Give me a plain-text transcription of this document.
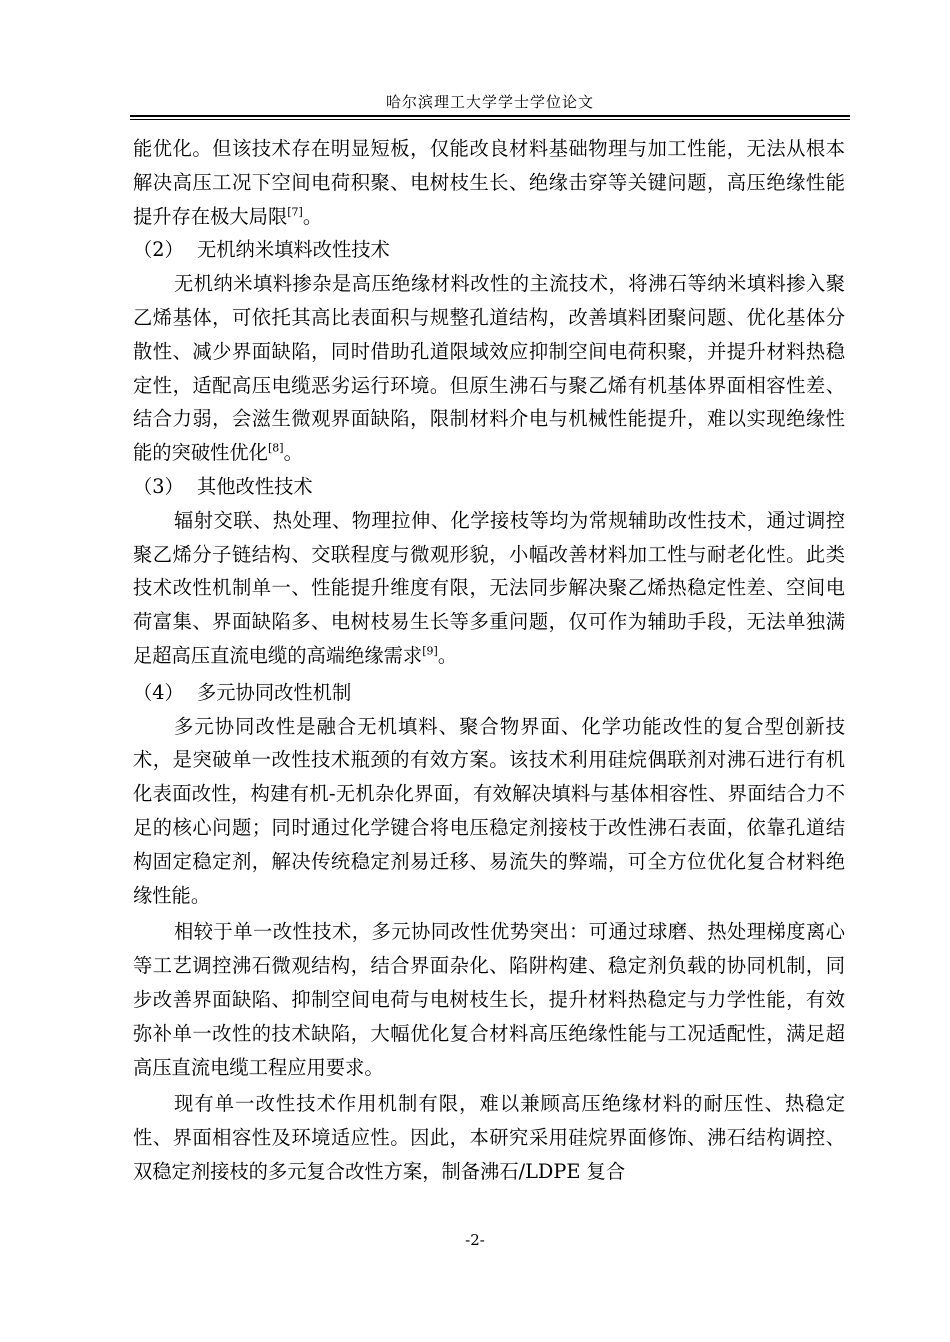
哈尔滨理工大学学士学位论文

能优化。但该技术存在明显短板，仅能改良材料基础物理与加工性能，无法从根本解决高压工况下空间电荷积聚、电树枝生长、绝缘击穿等关键问题，高压绝缘性能提升存在极大局限[7]。

（2） 无机纳米填料改性技术

无机纳米填料掺杂是高压绝缘材料改性的主流技术，将沸石等纳米填料掺入聚乙烯基体，可依托其高比表面积与规整孔道结构，改善填料团聚问题、优化基体分散性、减少界面缺陷，同时借助孔道限域效应抑制空间电荷积聚，并提升材料热稳定性，适配高压电缆恶劣运行环境。但原生沸石与聚乙烯有机基体界面相容性差、结合力弱，会滋生微观界面缺陷，限制材料介电与机械性能提升，难以实现绝缘性能的突破性优化[8]。

（3） 其他改性技术

辐射交联、热处理、物理拉伸、化学接枝等均为常规辅助改性技术，通过调控聚乙烯分子链结构、交联程度与微观形貌，小幅改善材料加工性与耐老化性。此类技术改性机制单一、性能提升维度有限，无法同步解决聚乙烯热稳定性差、空间电荷富集、界面缺陷多、电树枝易生长等多重问题，仅可作为辅助手段，无法单独满足超高压直流电缆的高端绝缘需求[9]。

（4） 多元协同改性机制

多元协同改性是融合无机填料、聚合物界面、化学功能改性的复合型创新技术，是突破单一改性技术瓶颈的有效方案。该技术利用硅烷偶联剂对沸石进行有机化表面改性，构建有机-无机杂化界面，有效解决填料与基体相容性、界面结合力不足的核心问题；同时通过化学键合将电压稳定剂接枝于改性沸石表面，依靠孔道结构固定稳定剂，解决传统稳定剂易迁移、易流失的弊端，可全方位优化复合材料绝缘性能。

相较于单一改性技术，多元协同改性优势突出：可通过球磨、热处理梯度离心等工艺调控沸石微观结构，结合界面杂化、陷阱构建、稳定剂负载的协同机制，同步改善界面缺陷、抑制空间电荷与电树枝生长，提升材料热稳定与力学性能，有效弥补单一改性的技术缺陷，大幅优化复合材料高压绝缘性能与工况适配性，满足超高压直流电缆工程应用要求。

现有单一改性技术作用机制有限，难以兼顾高压绝缘材料的耐压性、热稳定性、界面相容性及环境适应性。因此，本研究采用硅烷界面修饰、沸石结构调控、双稳定剂接枝的多元复合改性方案，制备沸石/LDPE 复合

-2-
